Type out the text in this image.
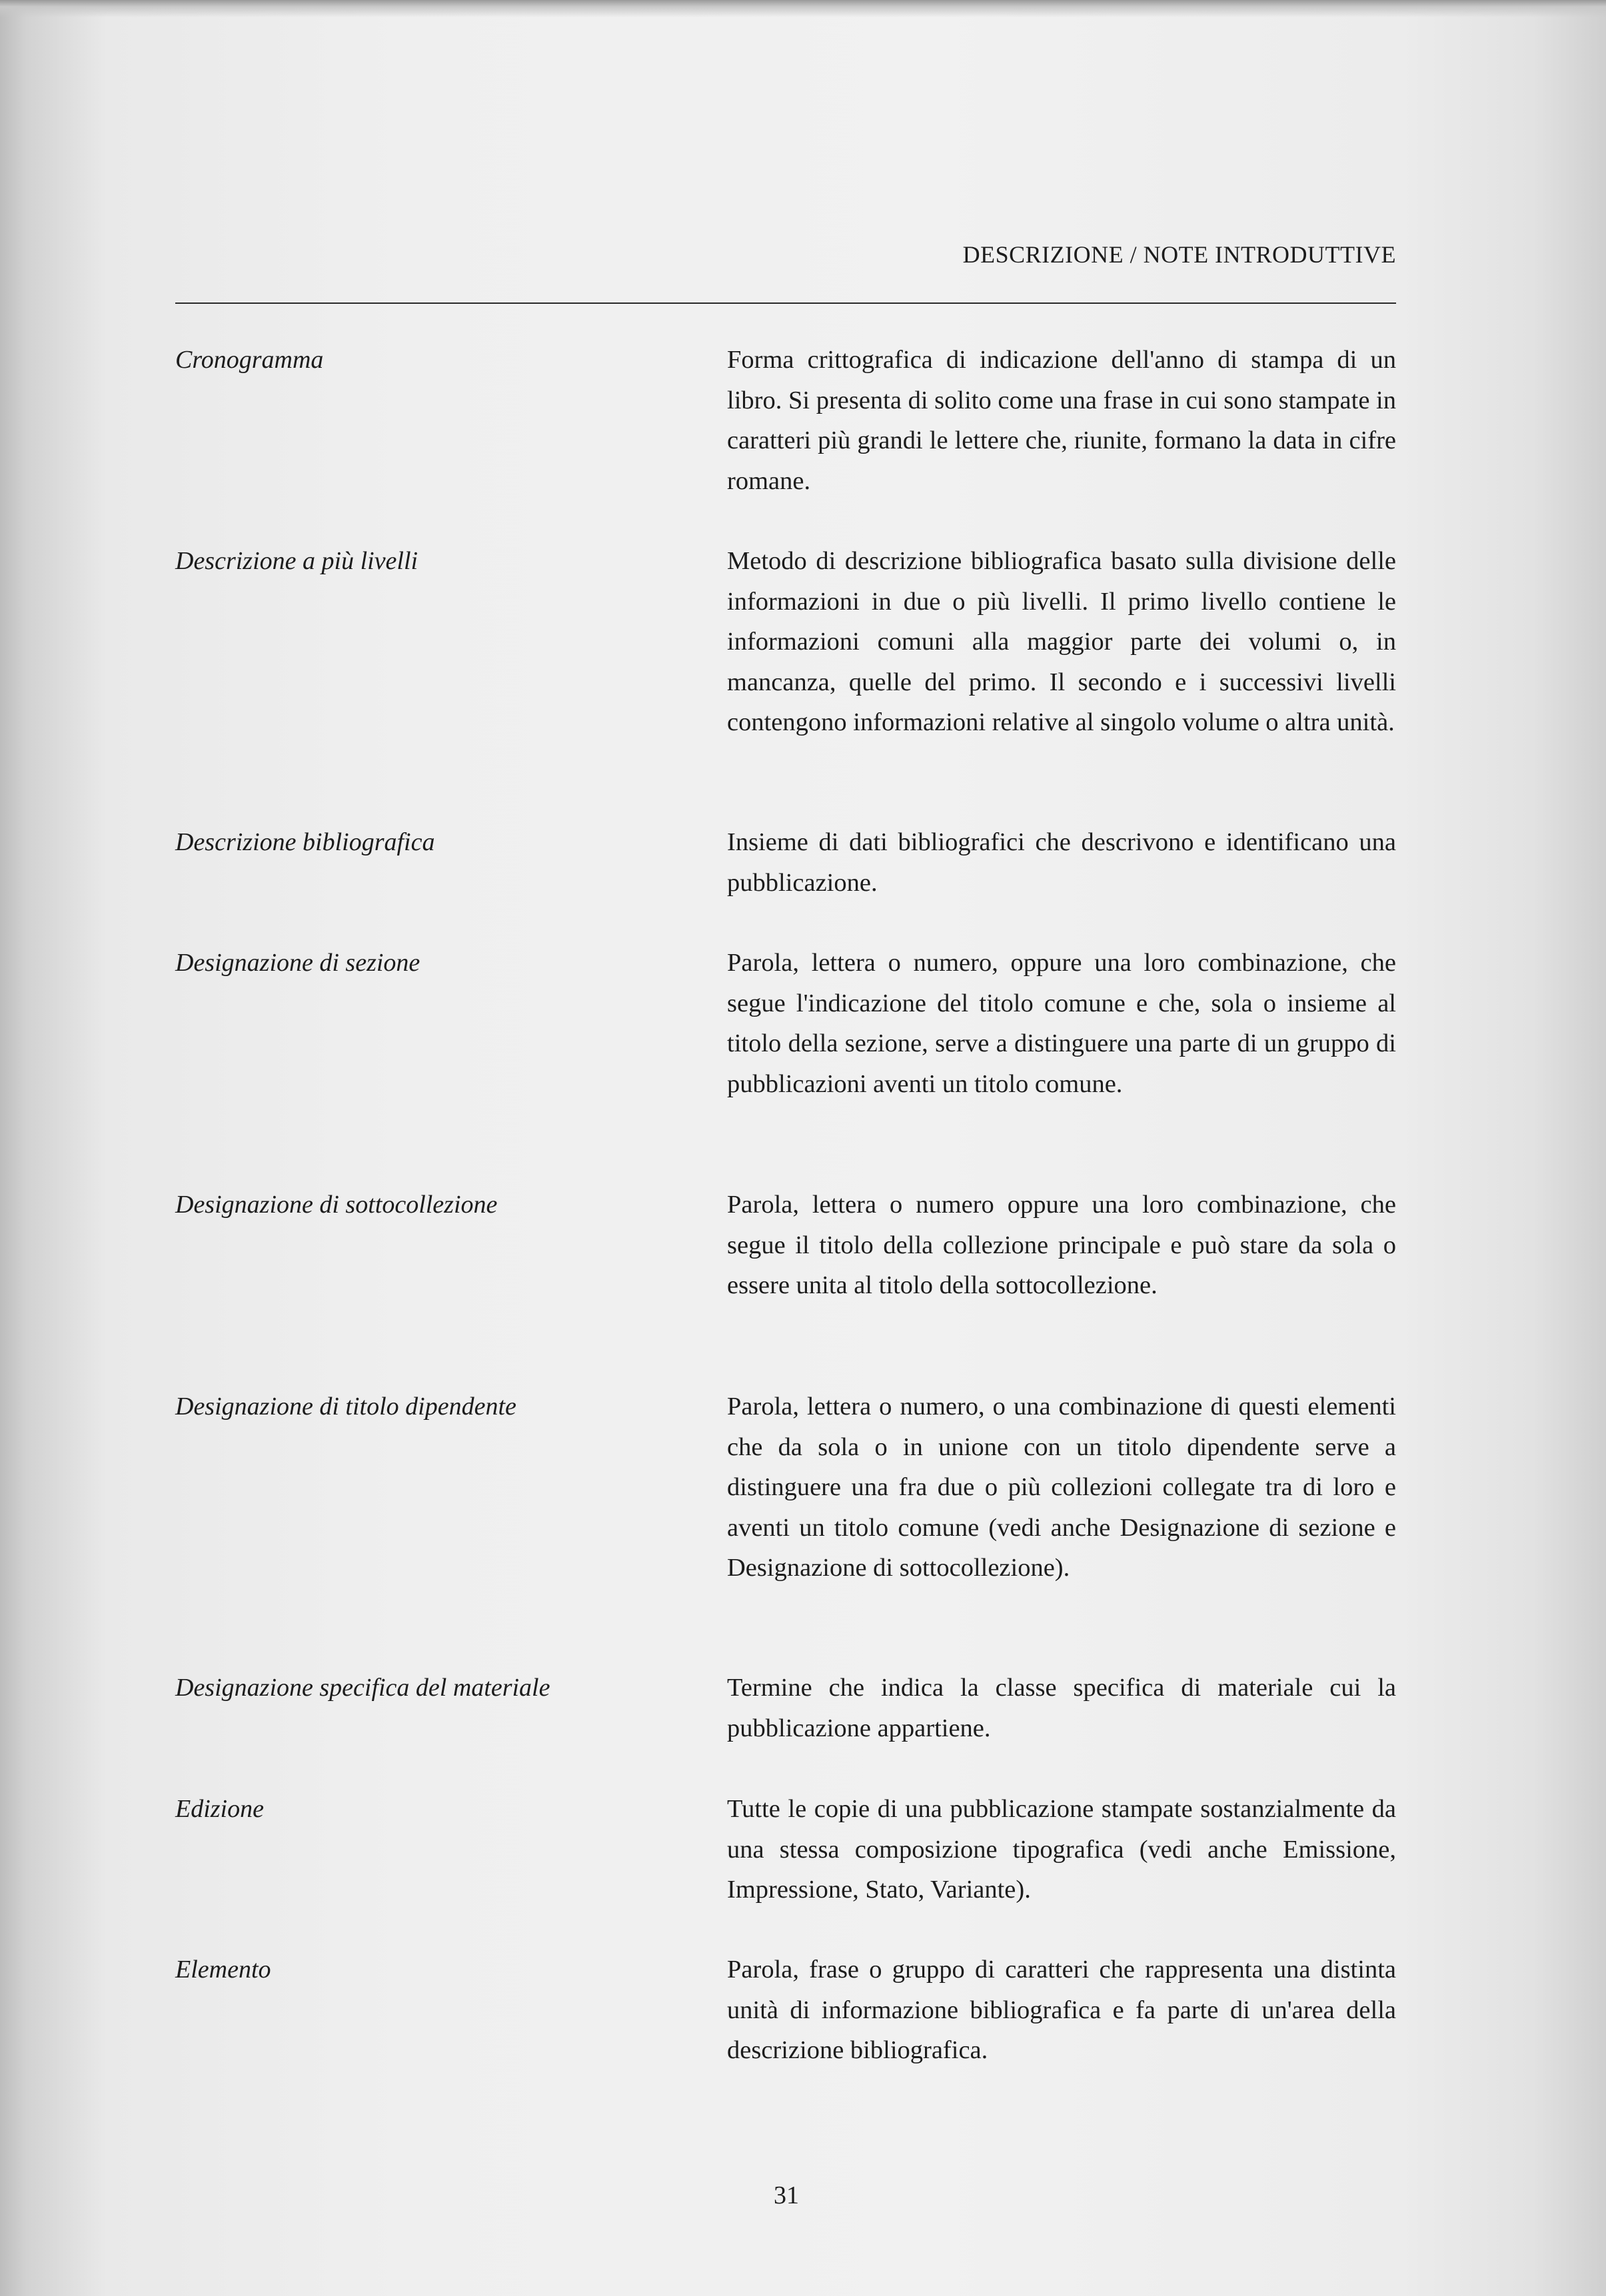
DESCRIZIONE / NOTE INTRODUTTIVE
Cronogramma	Forma crittografica di indicazione dell'anno di stampa di un libro. Si presenta di solito come una frase in cui sono stampate in caratteri più grandi le lettere che, riunite, formano la data in cifre romane.
Descrizione a più livelli	Metodo di descrizione bibliografica basato sulla divisione delle informazioni in due o più livelli. Il primo livello contiene le informazioni comuni alla maggior parte dei volumi o, in mancanza, quelle del primo. Il secondo e i successivi livelli contengono informazioni relative al singolo volume o altra unità.
Descrizione bibliografica	Insieme di dati bibliografici che descrivono e identificano una pubblicazione.
Designazione di sezione	Parola, lettera o numero, oppure una loro combinazione, che segue l'indicazione del titolo comune e che, sola o insieme al titolo della sezione, serve a distinguere una parte di un gruppo di pubblicazioni aventi un titolo comune.
Designazione di sottocollezione	Parola, lettera o numero oppure una loro combinazione, che segue il titolo della collezione principale e può stare da sola o essere unita al titolo della sottocollezione.
Designazione di titolo dipendente	Parola, lettera o numero, o una combinazione di questi elementi che da sola o in unione con un titolo dipendente serve a distinguere una fra due o più collezioni collegate tra di loro e aventi un titolo comune (vedi anche Designazione di sezione e Designazione di sottocollezione).
Designazione specifica del materiale	Termine che indica la classe specifica di materiale cui la pubblicazione appartiene.
Edizione	Tutte le copie di una pubblicazione stampate sostanzialmente da una stessa composizione tipografica (vedi anche Emissione, Impressione, Stato, Variante).
Elemento	Parola, frase o gruppo di caratteri che rappresenta una distinta unità di informazione bibliografica e fa parte di un'area della descrizione bibliografica.
31
